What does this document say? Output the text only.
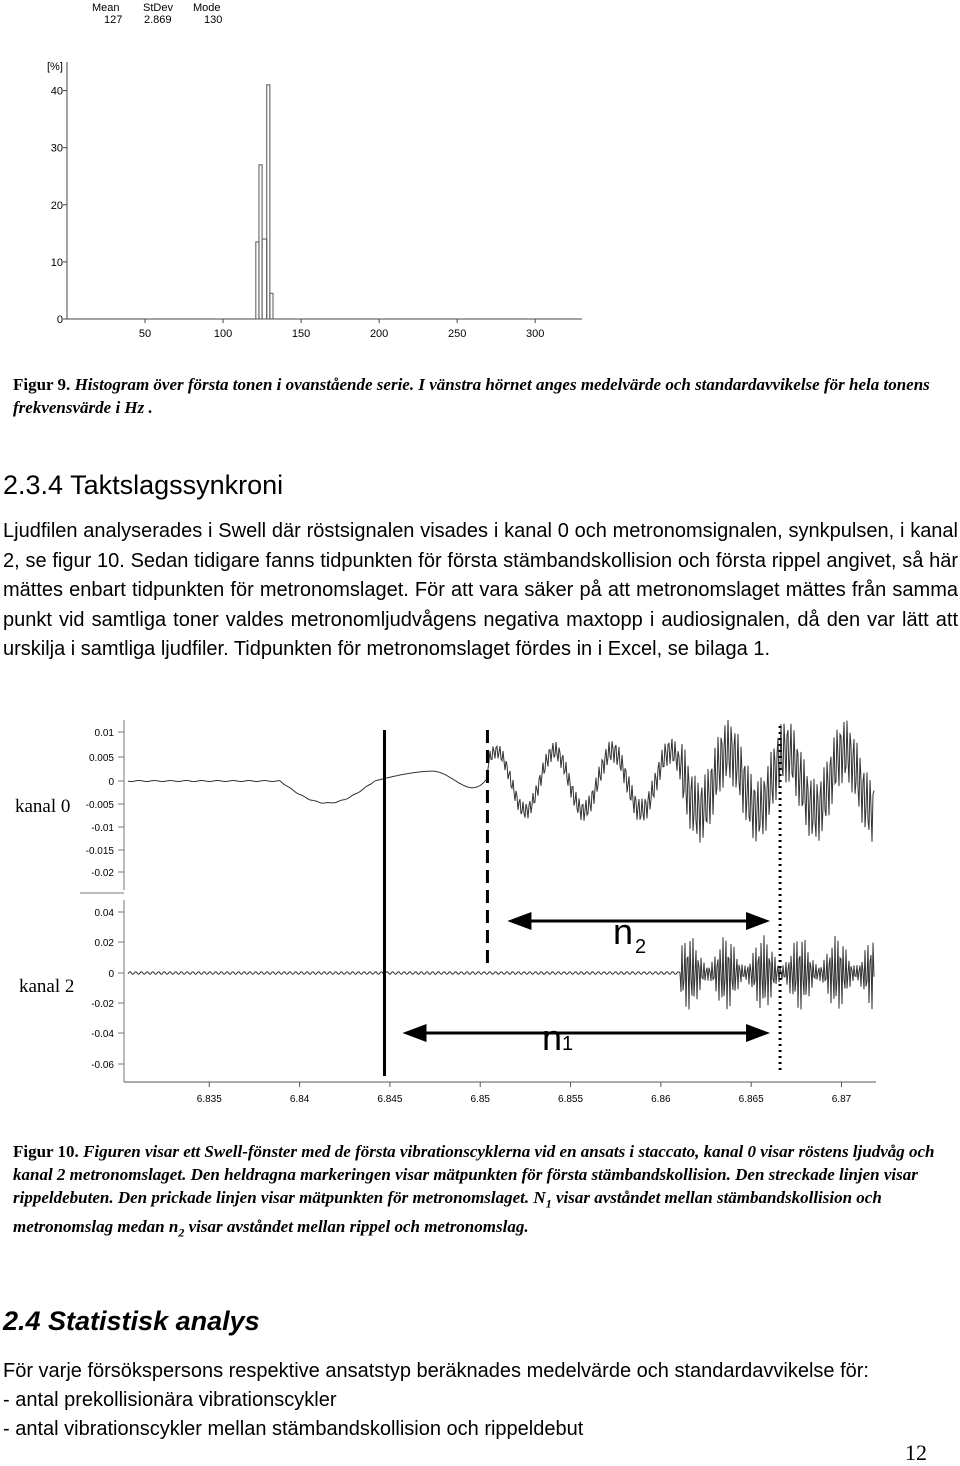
Mean StDev Mode
127 2.869	130
[%]
0
10
20
30
40
50	100	150	200	250	300
Figur 9. Histogram över första tonen i ovanstående serie. I vänstra hörnet anges medelvärde och standardavvikelse för hela tonens frekvensvärde i Hz .
2.3.4 Taktslagssynkroni

Ljudfilen analyserades i Swell där röstsignalen visades i kanal 0 och metronomsignalen, synkpulsen, i kanal 2, se figur 10. Sedan tidigare fanns tidpunkten för första stämbandskollision och första rippel angivet, så här mättes enbart tidpunkten för metronomslaget. För att vara säker på att metronomslaget mättes från samma punkt vid samtliga toner valdes metronomljudvågens negativa maxtopp i audiosignalen, då den var lätt att urskilja i samtliga ljudfiler. Tidpunkten för metronomslaget fördes in i Excel, se bilaga 1.

kanal 0
kanal 2
0.01
0.005
0
-0.005
-0.01
-0.015
-0.02
0.04
0.02
0
-0.02
-0.04
-0.06
6.835	6.84	6.845	6.85	6.855	6.86	6.865	6.87
n 2
n 1
Figur 10. Figuren visar ett Swell-fönster med de första vibrationscyklerna vid en ansats i staccato, kanal 0 visar röstens ljudvåg och kanal 2 metronomslaget. Den heldragna markeringen visar mätpunkten för första stämbandskollision. Den streckade linjen visar rippeldebuten. Den prickade linjen visar mätpunkten för metronomslaget. $N_1$ visar avståndet mellan stämbandskollision och metronomslag medan $n_2$ visar avståndet mellan rippel och metronomslag.
2.4 Statistisk analys
För varje försökspersons respektive ansatstyp beräknades medelvärde och standardavvikelse för:
- antal prekollisionära vibrationscykler
- antal vibrationscykler mellan stämbandskollision och rippeldebut
12
